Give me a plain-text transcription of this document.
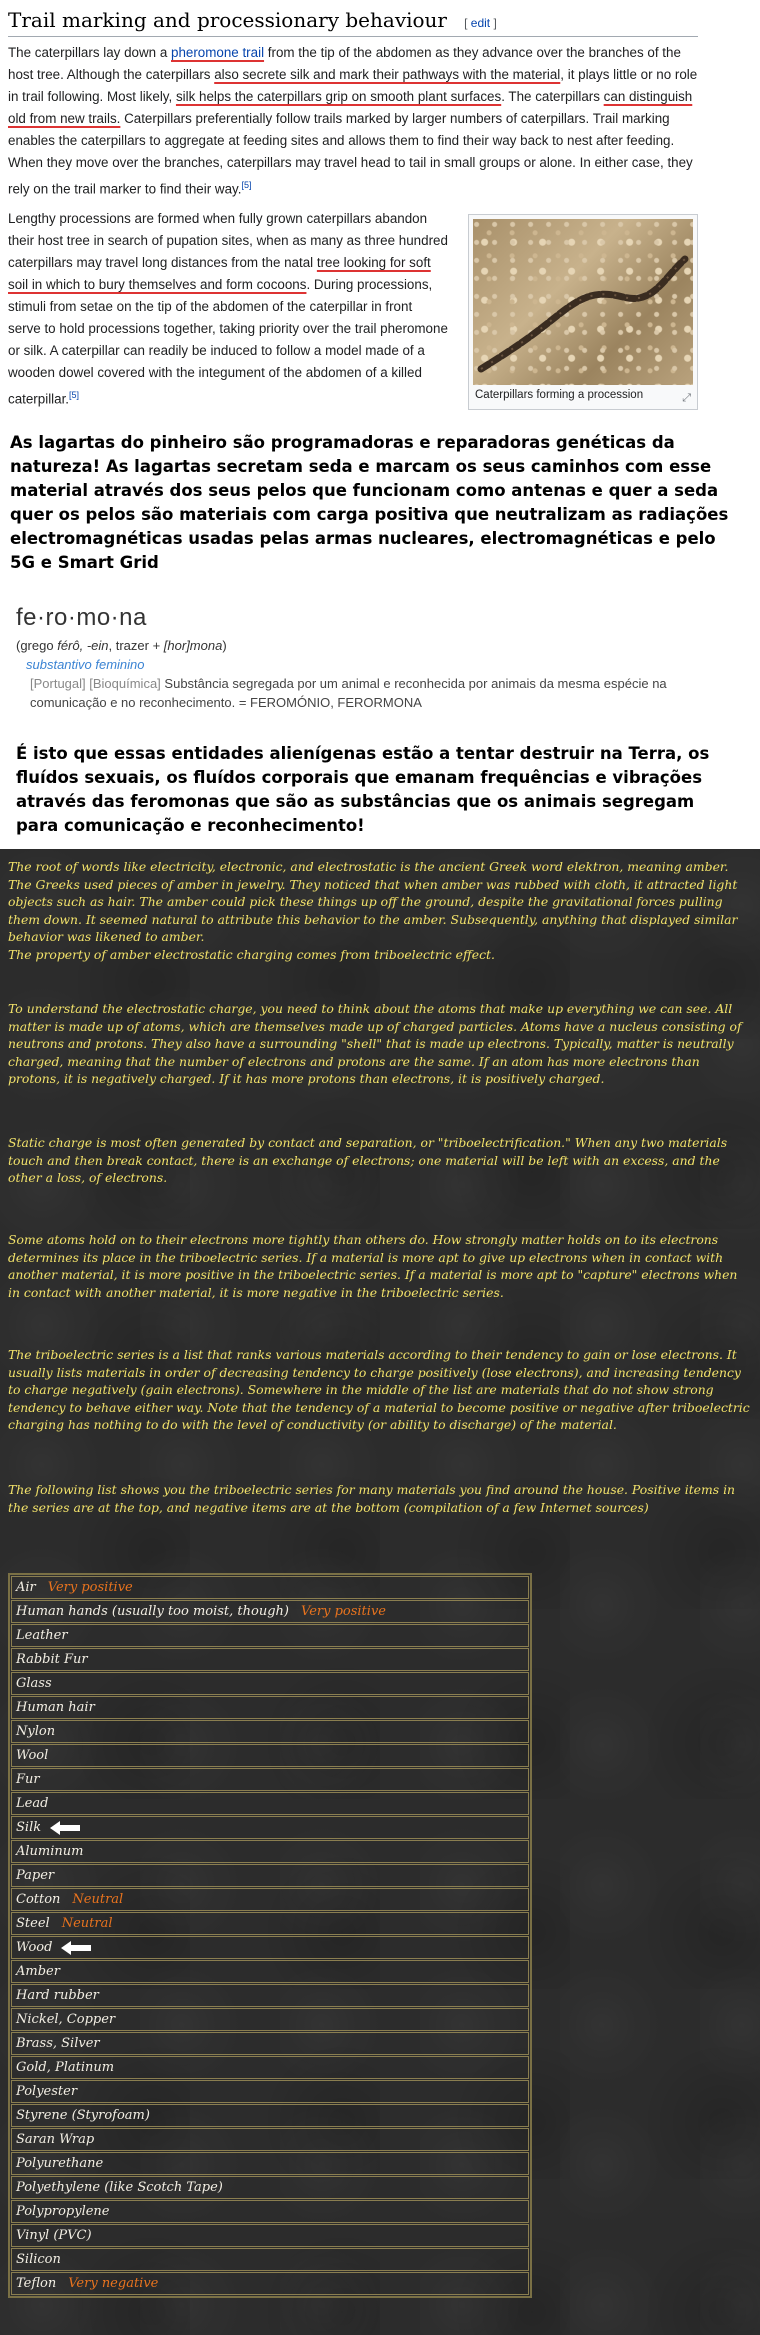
Trail marking and processionary behaviour [ edit ]
The caterpillars lay down a pheromone trail from the tip of the abdomen as they advance over the branches of the host tree. Although the caterpillars also secrete silk and mark their pathways with the material, it plays little or no role in trail following. Most likely, silk helps the caterpillars grip on smooth plant surfaces. The caterpillars can distinguish old from new trails. Caterpillars preferentially follow trails marked by larger numbers of caterpillars. Trail marking enables the caterpillars to aggregate at feeding sites and allows them to find their way back to nest after feeding. When they move over the branches, caterpillars may travel head to tail in small groups or alone. In either case, they rely on the trail marker to find their way.[5]
Lengthy processions are formed when fully grown caterpillars abandon their host tree in search of pupation sites, when as many as three hundred caterpillars may travel long distances from the natal tree looking for soft soil in which to bury themselves and form cocoons. During processions, stimuli from setae on the tip of the abdomen of the caterpillar in front serve to hold processions together, taking priority over the trail pheromone or silk. A caterpillar can readily be induced to follow a model made of a wooden dowel covered with the integument of the abdomen of a killed caterpillar.[5]	Caterpillars forming a procession	⤢
As lagartas do pinheiro são programadoras e reparadoras genéticas da natureza! As lagartas secretam seda e marcam os seus caminhos com esse material através dos seus pelos que funcionam como antenas e quer a seda quer os pelos são materiais com carga positiva que neutralizam as radiações electromagnéticas usadas pelas armas nucleares, electromagnéticas e pelo 5G e Smart Grid
fe·ro·mo·na
(grego férô, -ein, trazer + [hor]mona)
substantivo feminino
[Portugal] [Bioquímica] Substância segregada por um animal e reconhecida por animais da mesma espécie na comunicação e no reconhecimento. = FEROMÓNIO, FERORMONA
É isto que essas entidades alienígenas estão a tentar destruir na Terra, os fluídos sexuais, os fluídos corporais que emanam frequências e vibrações através das feromonas que são as substâncias que os animais segregam para comunicação e reconhecimento!
The root of words like electricity, electronic, and electrostatic is the ancient Greek word elektron, meaning amber. The Greeks used pieces of amber in jewelry. They noticed that when amber was rubbed with cloth, it attracted light objects such as hair. The amber could pick these things up off the ground, despite the gravitational forces pulling them down. It seemed natural to attribute this behavior to the amber. Subsequently, anything that displayed similar behavior was likened to amber.
The property of amber electrostatic charging comes from triboelectric effect.
To understand the electrostatic charge, you need to think about the atoms that make up everything we can see. All matter is made up of atoms, which are themselves made up of charged particles. Atoms have a nucleus consisting of neutrons and protons. They also have a surrounding "shell" that is made up electrons. Typically, matter is neutrally charged, meaning that the number of electrons and protons are the same. If an atom has more electrons than protons, it is negatively charged. If it has more protons than electrons, it is positively charged.
Static charge is most often generated by contact and separation, or "triboelectrification." When any two materials touch and then break contact, there is an exchange of electrons; one material will be left with an excess, and the other a loss, of electrons.
Some atoms hold on to their electrons more tightly than others do. How strongly matter holds on to its electrons determines its place in the triboelectric series. If a material is more apt to give up electrons when in contact with another material, it is more positive in the triboelectric series. If a material is more apt to "capture" electrons when in contact with another material, it is more negative in the triboelectric series.
The triboelectric series is a list that ranks various materials according to their tendency to gain or lose electrons. It usually lists materials in order of decreasing tendency to charge positively (lose electrons), and increasing tendency to charge negatively (gain electrons). Somewhere in the middle of the list are materials that do not show strong tendency to behave either way. Note that the tendency of a material to become positive or negative after triboelectric charging has nothing to do with the level of conductivity (or ability to discharge) of the material.
The following list shows you the triboelectric series for many materials you find around the house. Positive items in the series are at the top, and negative items are at the bottom (compilation of a few Internet sources)
Air Very positive
Human hands (usually too moist, though) Very positive
Leather
Rabbit Fur
Glass
Human hair
Nylon
Wool
Fur
Lead
Silk
Aluminum
Paper
Cotton Neutral
Steel Neutral
Wood
Amber
Hard rubber
Nickel, Copper
Brass, Silver
Gold, Platinum
Polyester
Styrene (Styrofoam)
Saran Wrap
Polyurethane
Polyethylene (like Scotch Tape)
Polypropylene
Vinyl (PVC)
Silicon
Teflon Very negative
